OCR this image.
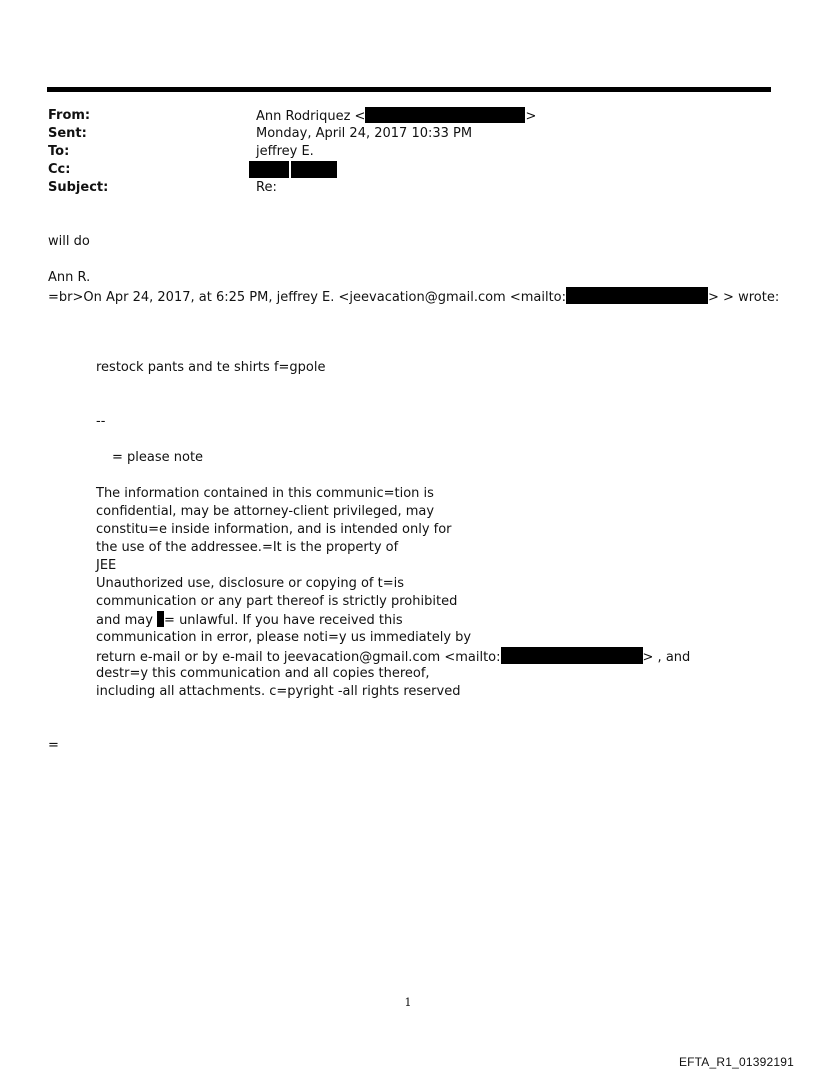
From:	Ann Rodriquez <	>
Sent:	Monday, April 24, 2017 10:33 PM
To:	jeffrey E.
Cc:
Subject:	Re:
will do
Ann R.
=br>On Apr 24, 2017, at 6:25 PM, jeffrey E. <jeevacation@gmail.com <mailto:	> > wrote:
restock pants and te shirts f=gpole
--
= please note
The information contained in this communic=tion is
confidential, may be attorney-client privileged, may
constitu=e inside information, and is intended only for
the use of the addressee.=It is the property of
JEE
Unauthorized use, disclosure or copying of t=is
communication or any part thereof is strictly prohibited
and may = unlawful. If you have received this
communication in error, please noti=y us immediately by
return e-mail or by e-mail to jeevacation@gmail.com <mailto:	> , and
destr=y this communication and all copies thereof,
including all attachments. c=pyright -all rights reserved
=
1
EFTA_R1_01392191
